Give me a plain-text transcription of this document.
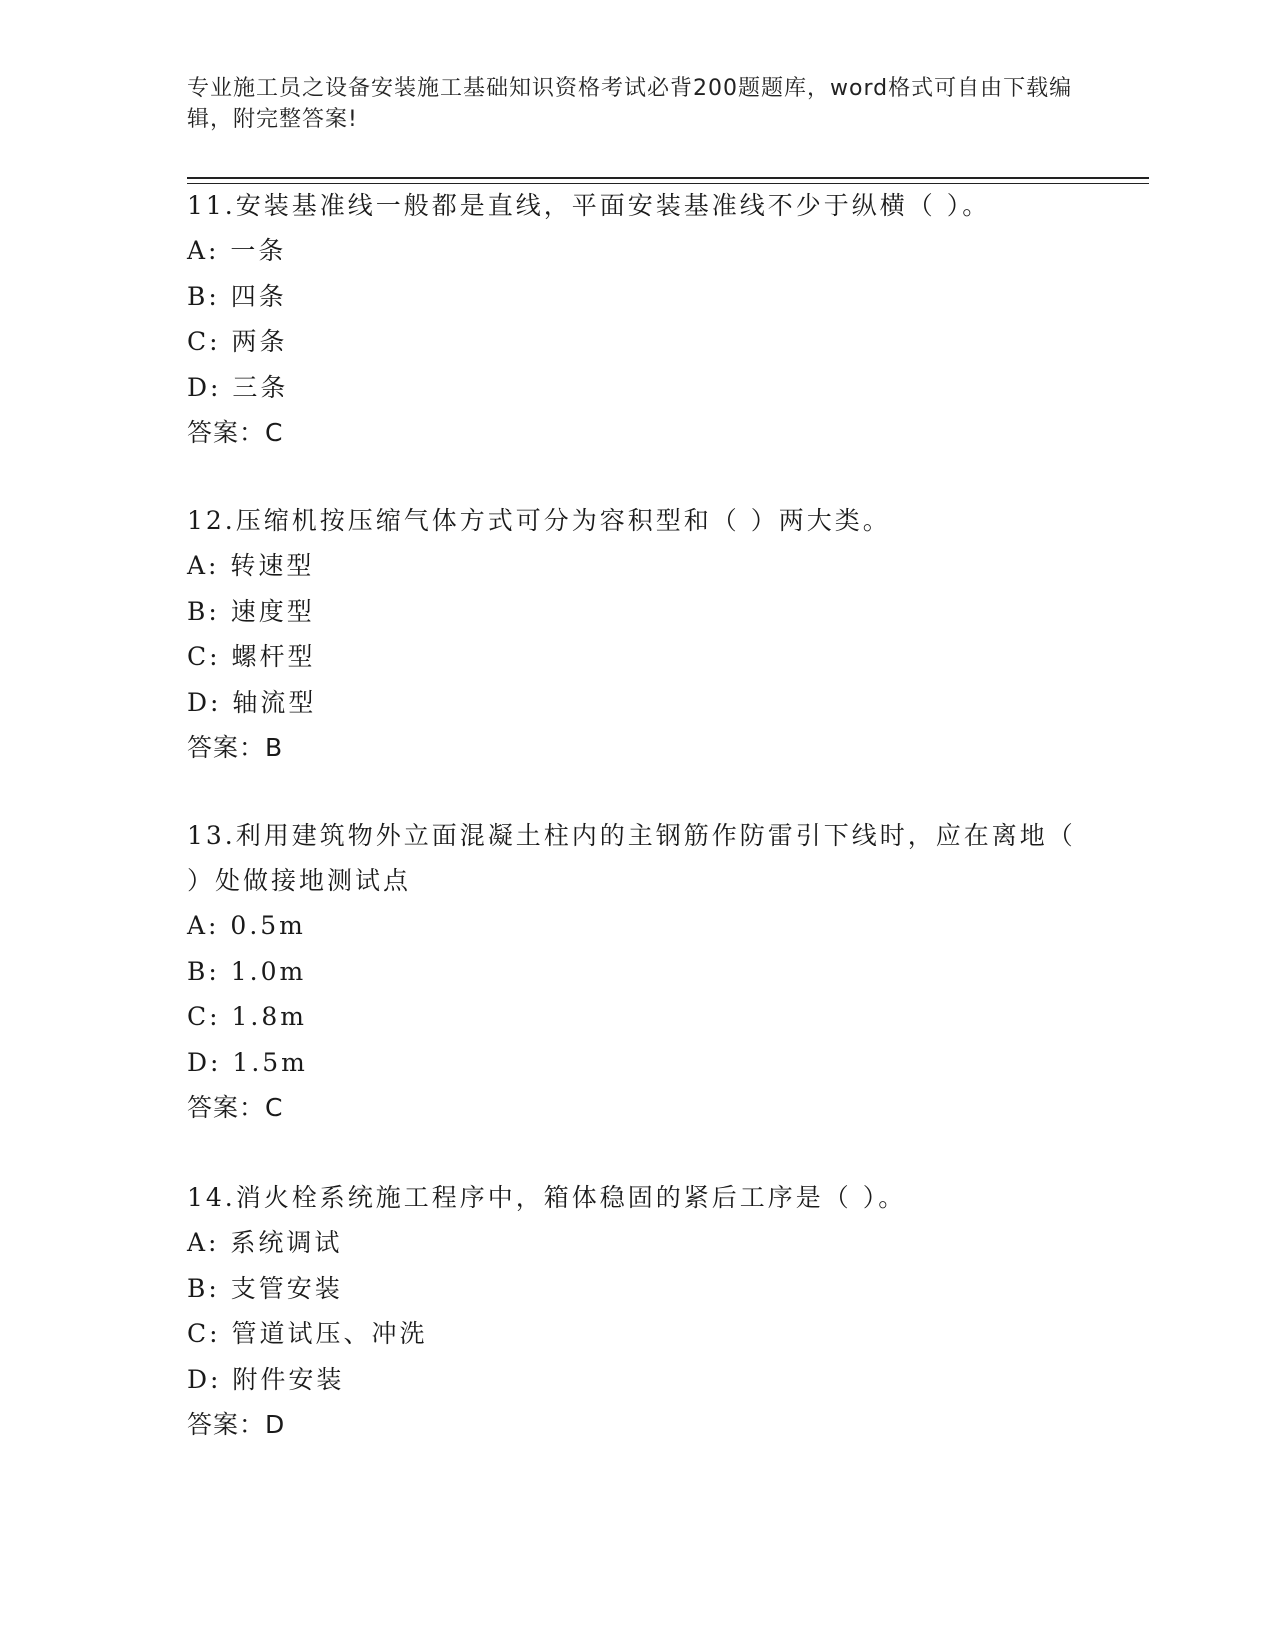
专业施工员之设备安装施工基础知识资格考试必背200题题库，word格式可自由下载编辑，附完整答案!

11.安装基准线一般都是直线，平面安装基准线不少于纵横（ ）。

A: 一条

B: 四条

C: 两条

D: 三条

答案：C

12.压缩机按压缩气体方式可分为容积型和（ ）两大类。

A: 转速型

B: 速度型

C: 螺杆型

D: 轴流型

答案：B

13.利用建筑物外立面混凝土柱内的主钢筋作防雷引下线时，应在离地（ ）处做接地测试点

A: 0.5m

B: 1.0m

C: 1.8m

D: 1.5m

答案：C

14.消火栓系统施工程序中，箱体稳固的紧后工序是（ ）。

A: 系统调试

B: 支管安装

C: 管道试压、冲洗

D: 附件安装

答案：D
